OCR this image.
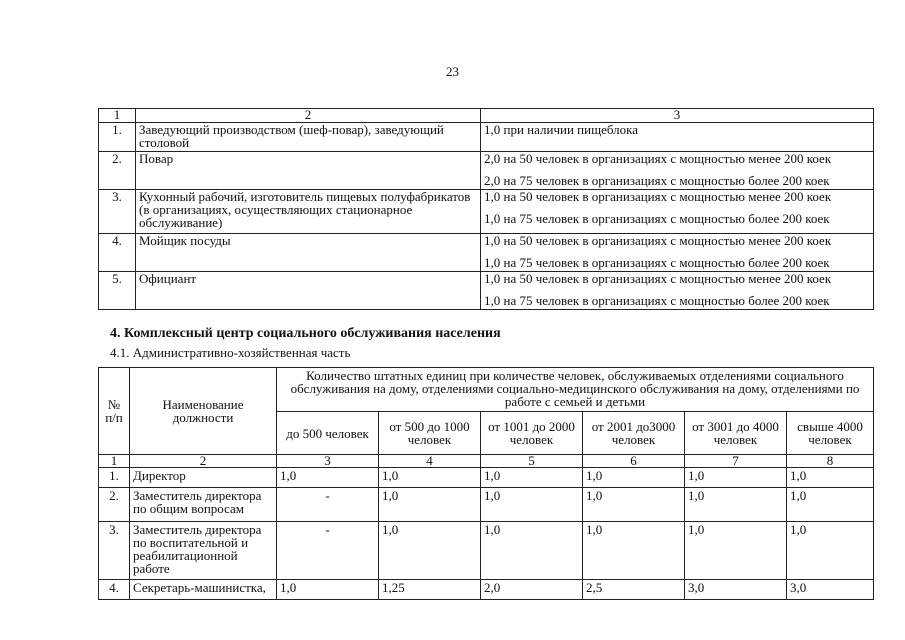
23
1	2	3
1.	Заведующий производством (шеф-повар), заведующий столовой	1,0 при наличии пищеблока
2.	Повар	2,0 на 50 человек в организациях с мощностью менее 200 коек
2,0 на 75 человек в организациях с мощностью более 200 коек

3.	Кухонный рабочий, изготовитель пищевых полуфабрикатов (в организациях, осуществляющих стационарное обслуживание)	1,0 на 50 человек в организациях с мощностью менее 200 коек
1,0 на 75 человек в организациях с мощностью более 200 коек

4.	Мойщик посуды	1,0 на 50 человек в организациях с мощностью менее 200 коек
1,0 на 75 человек в организациях с мощностью более 200 коек

5.	Официант	1,0 на 50 человек в организациях с мощностью менее 200 коек
1,0 на 75 человек в организациях с мощностью более 200 коек
4. Комплексный центр социального обслуживания населения
4.1. Административно-хозяйственная часть
№ п/п	Наименование должности	Количество штатных единиц при количестве человек, обслуживаемых отделениями социального обслуживания на дому, отделениями социально-медицинского обслуживания на дому, отделениями по работе с семьей и детьми					
		до 500 человек	от 500 до 1000 человек	от 1001 до 2000 человек	от 2001 до3000 человек	от 3001 до 4000 человек	свыше 4000 человек
1	2	3	4	5	6	7	8
1.	Директор	1,0	1,0	1,0	1,0	1,0	1,0
2.	Заместитель директора по общим вопросам	-	1,0	1,0	1,0	1,0	1,0
3.	Заместитель директора по воспитательной и реабилитационной работе	-	1,0	1,0	1,0	1,0	1,0
4.	Секретарь-машинистка,	1,0	1,25	2,0	2,5	3,0	3,0
